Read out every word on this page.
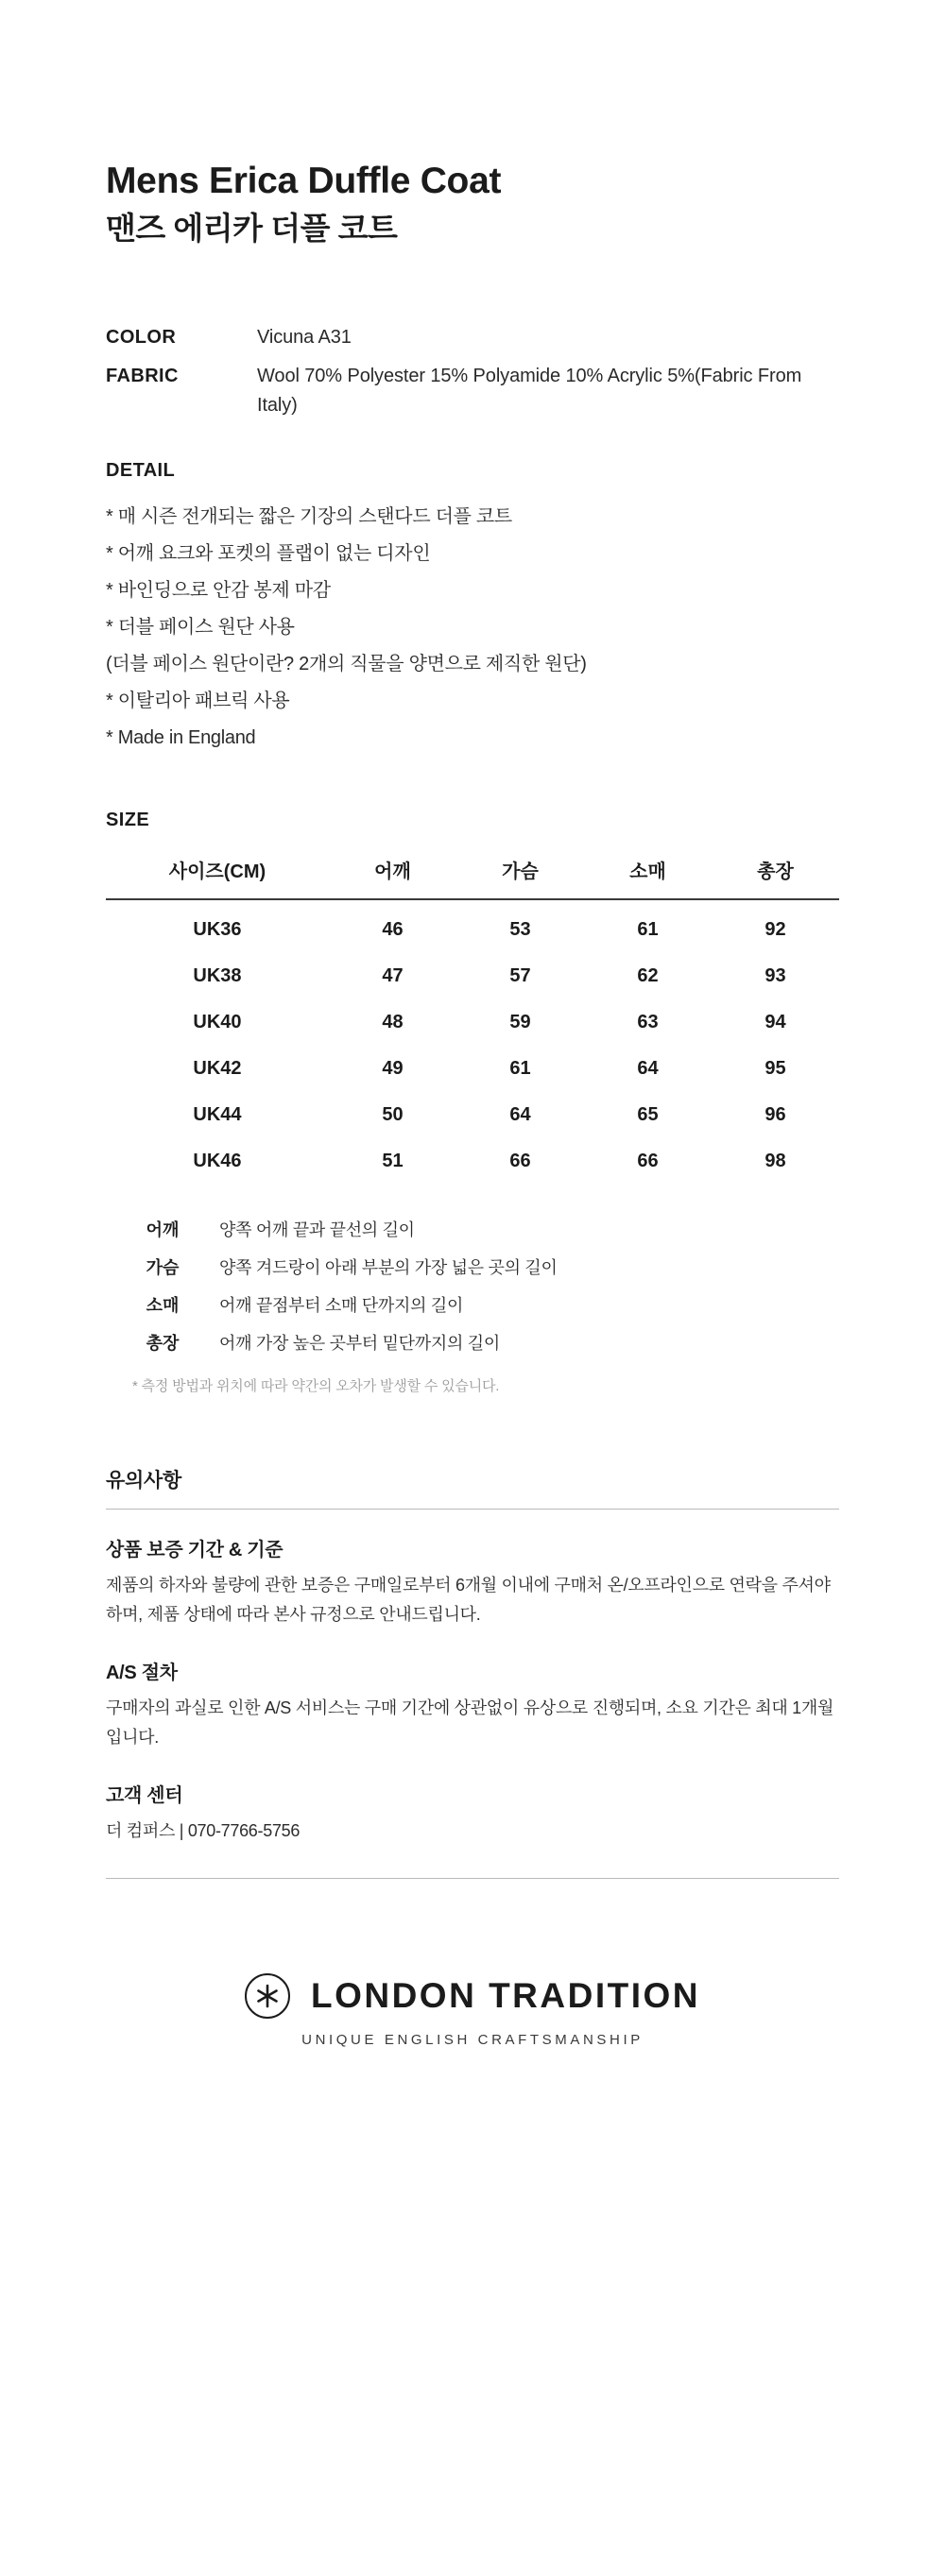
Mens Erica Duffle Coat
맨즈 에리카 더플 코트
COLOR	Vicuna A31
FABRIC	Wool 70% Polyester 15% Polyamide 10% Acrylic 5%(Fabric From Italy)
DETAIL
* 매 시즌 전개되는 짧은 기장의 스탠다드 더플 코트
* 어깨 요크와 포켓의 플랩이 없는 디자인
* 바인딩으로 안감 봉제 마감
* 더블 페이스 원단 사용
(더블 페이스 원단이란? 2개의 직물을 양면으로 제직한 원단)
* 이탈리아 패브릭 사용
* Made in England
SIZE
사이즈(CM)	어깨	가슴	소매	총장
UK36	46	53	61	92
UK38	47	57	62	93
UK40	48	59	63	94
UK42	49	61	64	95
UK44	50	64	65	96
UK46	51	66	66	98
어깨	양쪽 어깨 끝과 끝선의 길이
가슴	양쪽 겨드랑이 아래 부분의 가장 넓은 곳의 길이
소매	어깨 끝점부터 소매 단까지의 길이
총장	어깨 가장 높은 곳부터 밑단까지의 길이
* 측정 방법과 위치에 따라 약간의 오차가 발생할 수 있습니다.
유의사항
상품 보증 기간 & 기준
제품의 하자와 불량에 관한 보증은 구매일로부터 6개월 이내에 구매처 온/오프라인으로 연락을 주셔야 하며, 제품 상태에 따라 본사 규정으로 안내드립니다.
A/S 절차
구매자의 과실로 인한 A/S 서비스는 구매 기간에 상관없이 유상으로 진행되며, 소요 기간은 최대 1개월 입니다.
고객 센터
더 컴퍼스 | 070-7766-5756
LONDON TRADITION
UNIQUE ENGLISH CRAFTSMANSHIP
